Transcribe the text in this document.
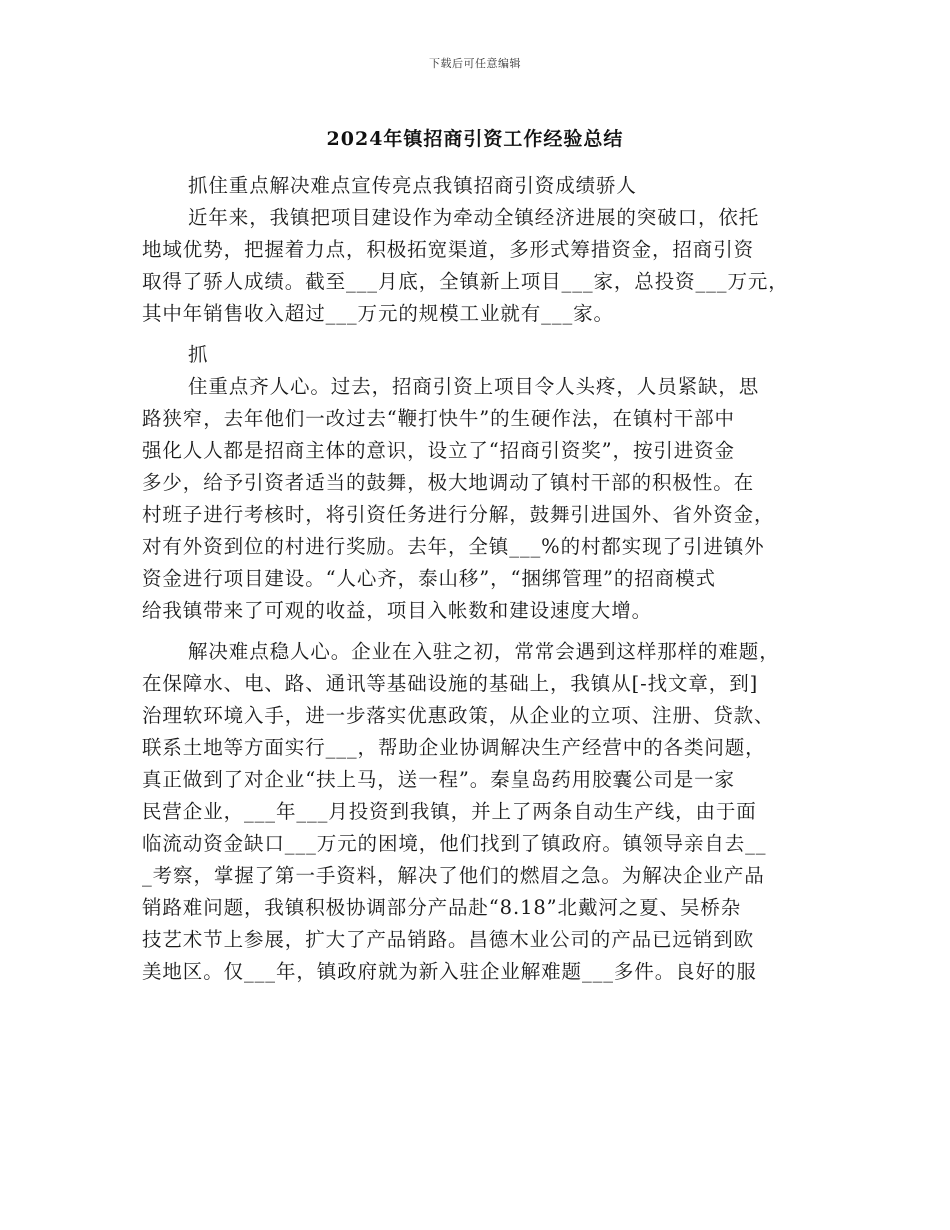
下载后可任意编辑
2024年镇招商引资工作经验总结
抓住重点解决难点宣传亮点我镇招商引资成绩骄人
近年来，我镇把项目建设作为牵动全镇经济进展的突破口，依托
地域优势，把握着力点，积极拓宽渠道，多形式筹措资金，招商引资
取得了骄人成绩。截至___月底，全镇新上项目___家，总投资___万元，
其中年销售收入超过___万元的规模工业就有___家。
抓
住重点齐人心。过去，招商引资上项目令人头疼，人员紧缺，思
路狭窄，去年他们一改过去“鞭打快牛”的生硬作法，在镇村干部中
强化人人都是招商主体的意识，设立了“招商引资奖”，按引进资金
多少，给予引资者适当的鼓舞，极大地调动了镇村干部的积极性。在
村班子进行考核时，将引资任务进行分解，鼓舞引进国外、省外资金，
对有外资到位的村进行奖励。去年，全镇___%的村都实现了引进镇外
资金进行项目建设。“人心齐，泰山移”，“捆绑管理”的招商模式
给我镇带来了可观的收益，项目入帐数和建设速度大增。
解决难点稳人心。企业在入驻之初，常常会遇到这样那样的难题，
在保障水、电、路、通讯等基础设施的基础上，我镇从[-找文章，到]
治理软环境入手，进一步落实优惠政策，从企业的立项、注册、贷款、
联系土地等方面实行___，帮助企业协调解决生产经营中的各类问题，
真正做到了对企业“扶上马，送一程”。秦皇岛药用胶囊公司是一家
民营企业，___年___月投资到我镇，并上了两条自动生产线，由于面
临流动资金缺口___万元的困境，他们找到了镇政府。镇领导亲自去__
_考察，掌握了第一手资料，解决了他们的燃眉之急。为解决企业产品
销路难问题，我镇积极协调部分产品赴“8.18”北戴河之夏、吴桥杂
技艺术节上参展，扩大了产品销路。昌德木业公司的产品已远销到欧
美地区。仅___年，镇政府就为新入驻企业解难题___多件。良好的服
